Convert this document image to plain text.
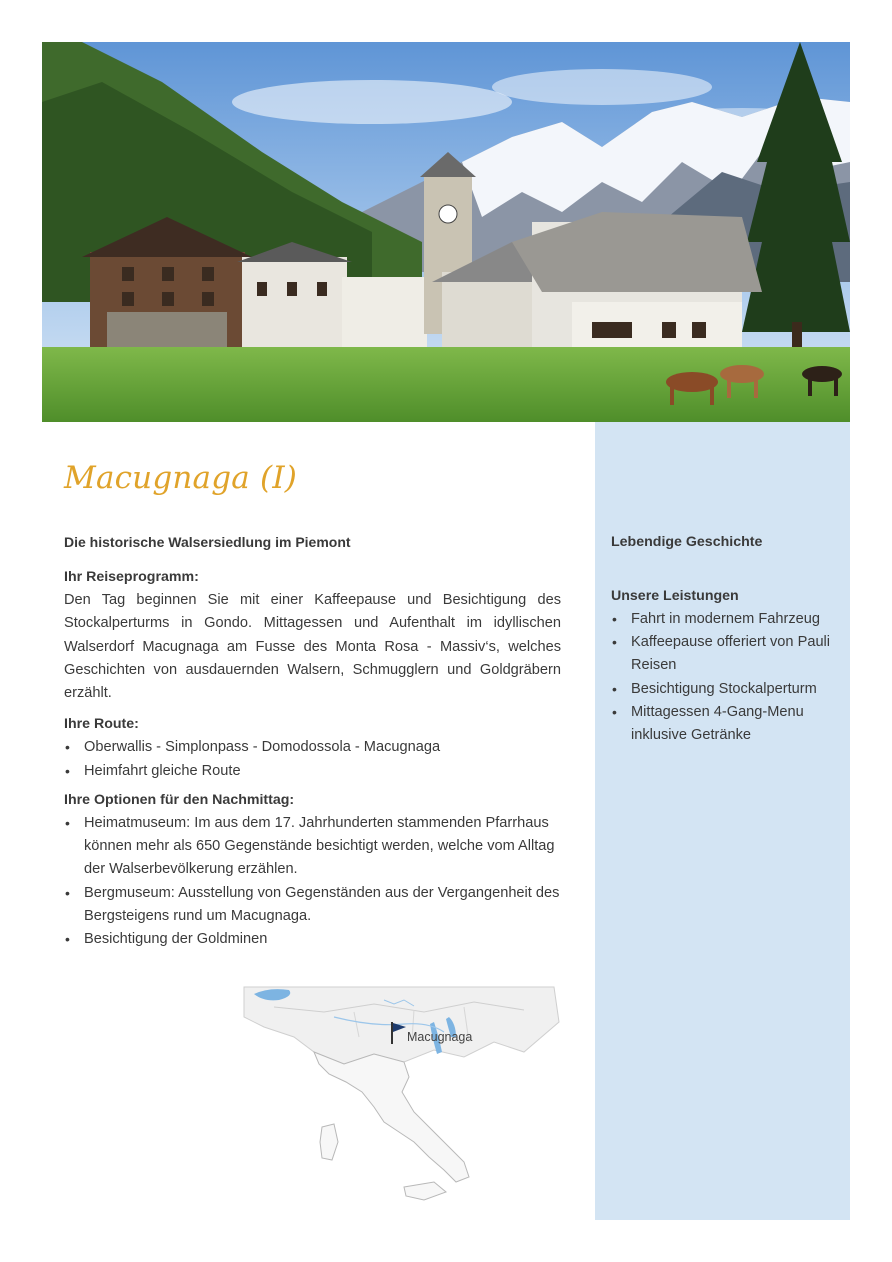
Lebendige Geschichte

Unsere Leistungen

• Fahrt in modernem Fahrzeug
• Kaffeepause offeriert von Pauli Reisen
• Besichtigung Stockalperturm
• Mittagessen 4-Gang-Menu inklusive Getränke
Macugnaga (I)

Die historische Walsersiedlung im Piemont

Ihr Reiseprogramm:

Den Tag beginnen Sie mit einer Kaffeepause und Besichtigung des Stockalperturms in Gondo. Mittagessen und Aufenthalt im idyllischen Walserdorf Macugnaga am Fusse des Monta Rosa - Massiv‘s, welches Geschichten von ausdauernden Walsern, Schmugglern und Goldgräbern erzählt.

Ihre Route:

• Oberwallis - Simplonpass - Domodossola - Macugnaga
• Heimfahrt gleiche Route

Ihre Optionen für den Nachmittag:

• Heimatmuseum: Im aus dem 17. Jahrhunderten stammenden Pfarrhaus können mehr als 650 Gegenstände besichtigt werden, welche vom Alltag der Walserbevölkerung erzählen.
• Bergmuseum: Ausstellung von Gegenständen aus der Vergangenheit des Bergsteigens rund um Macugnaga.
• Besichtigung der Goldminen
Macugnaga
